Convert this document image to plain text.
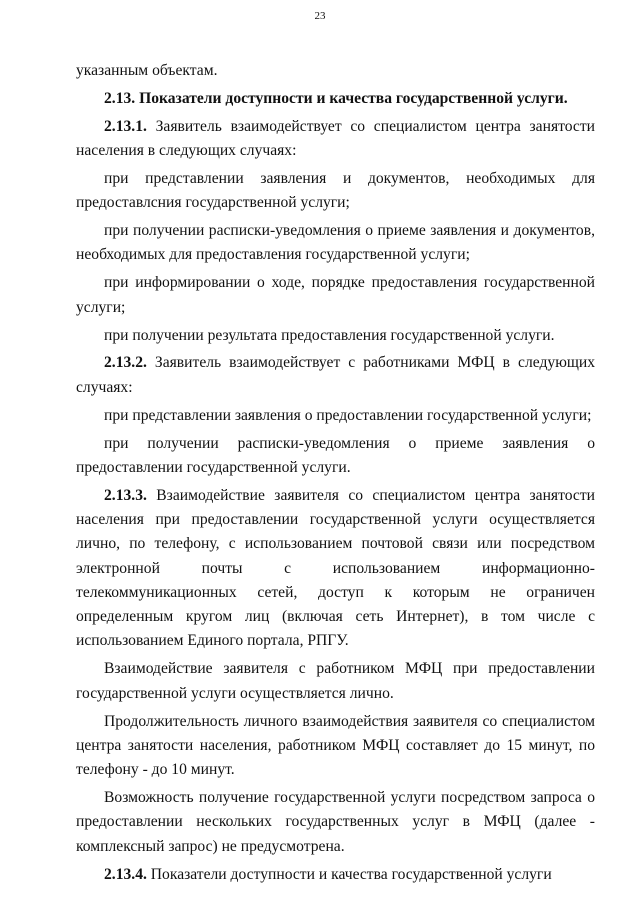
23

указанным объектам.

2.13. Показатели доступности и качества государственной услуги.

2.13.1. Заявитель взаимодействует со специалистом центра занятости населения в следующих случаях:

при представлении заявления и документов, необходимых для предоставлсния государственной услуги;

при получении расписки-уведомления о приеме заявления и документов, необходимых для предоставления государственной услуги;

при информировании о ходе, порядке предоставления государственной услуги;

при получении результата предоставления государственной услуги.

2.13.2. Заявитель взаимодействует с работниками МФЦ в следующих случаях:

при представлении заявления о предоставлении государственной услуги;

при получении расписки-уведомления о приеме заявления о предоставлении государственной услуги.

2.13.3. Взаимодействие заявителя со специалистом центра занятости населения при предоставлении государственной услуги осуществляется лично, по телефону, с использованием почтовой связи или посредством электронной почты с использованием информационно-телекоммуникационных сетей, доступ к которым не ограничен определенным кругом лиц (включая сеть Интернет), в том числе с использованием Единого портала, РПГУ.

Взаимодействие заявителя с работником МФЦ при предоставлении государственной услуги осуществляется лично.

Продолжительность личного взаимодействия заявителя со специалистом центра занятости населения, работником МФЦ составляет до 15 минут, по телефону - до 10 минут.

Возможность получение государственной услуги посредством запроса о предоставлении нескольких государственных услуг в МФЦ (далее - комплексный запрос) не предусмотрена.

2.13.4. Показатели доступности и качества государственной услуги
